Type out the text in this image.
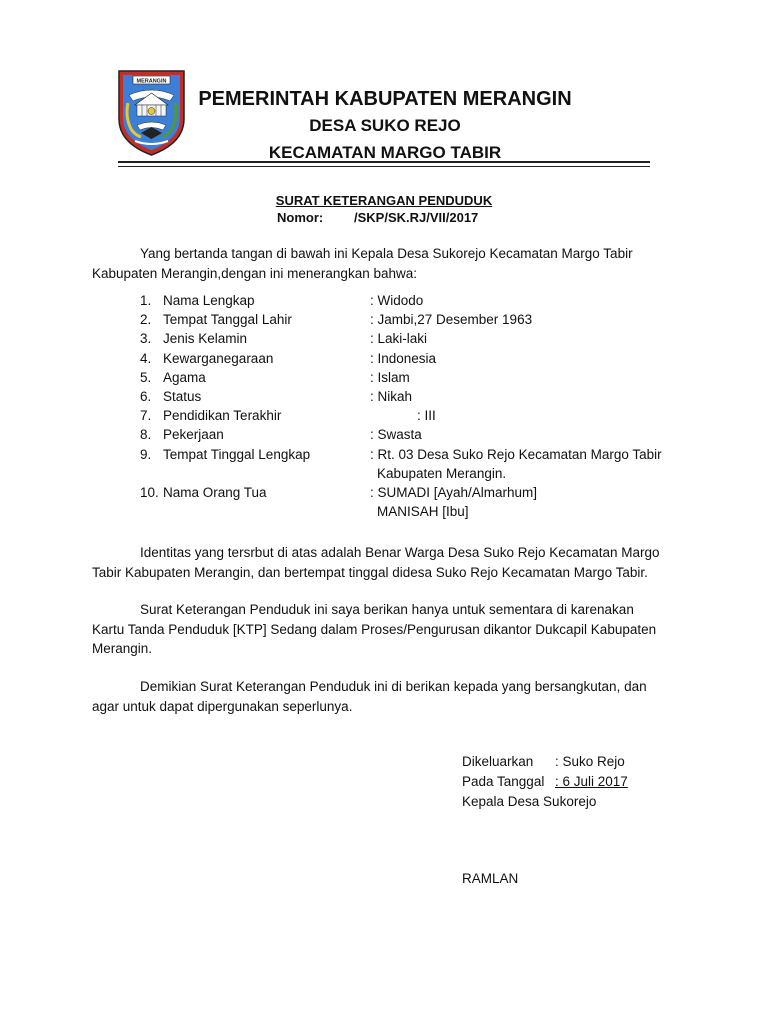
MERANGIN
PEMERINTAH KABUPATEN MERANGIN
DESA SUKO REJO
KECAMATAN MARGO TABIR
SURAT KETERANGAN PENDUDUK
Nomor: /SKP/SK.RJ/VII/2017
Yang bertanda tangan di bawah ini Kepala Desa Sukorejo Kecamatan Margo Tabir
Kabupaten Merangin,dengan ini menerangkan bahwa:
1. Nama Lengkap	: Widodo
2. Tempat Tanggal Lahir	: Jambi,27 Desember 1963
3. Jenis Kelamin	: Laki-laki
4. Kewarganegaraan	: Indonesia
5. Agama	: Islam
6. Status	: Nikah
7. Pendidikan Terakhir	: III
8. Pekerjaan	: Swasta
9. Tempat Tinggal Lengkap	: Rt. 03 Desa Suko Rejo Kecamatan Margo Tabir
Kabupaten Merangin.
10. Nama Orang Tua	: SUMADI [Ayah/Almarhum]
MANISAH [Ibu]
Identitas yang tersrbut di atas adalah Benar Warga Desa Suko Rejo Kecamatan Margo
Tabir Kabupaten Merangin, dan bertempat tinggal didesa Suko Rejo Kecamatan Margo Tabir.
Surat Keterangan Penduduk ini saya berikan hanya untuk sementara di karenakan
Kartu Tanda Penduduk [KTP] Sedang dalam Proses/Pengurusan dikantor Dukcapil Kabupaten
Merangin.
Demikian Surat Keterangan Penduduk ini di berikan kepada yang bersangkutan, dan
agar untuk dapat dipergunakan seperlunya.
Dikeluarkan : Suko Rejo
Pada Tanggal : 6 Juli 2017
Kepala Desa Sukorejo
RAMLAN
